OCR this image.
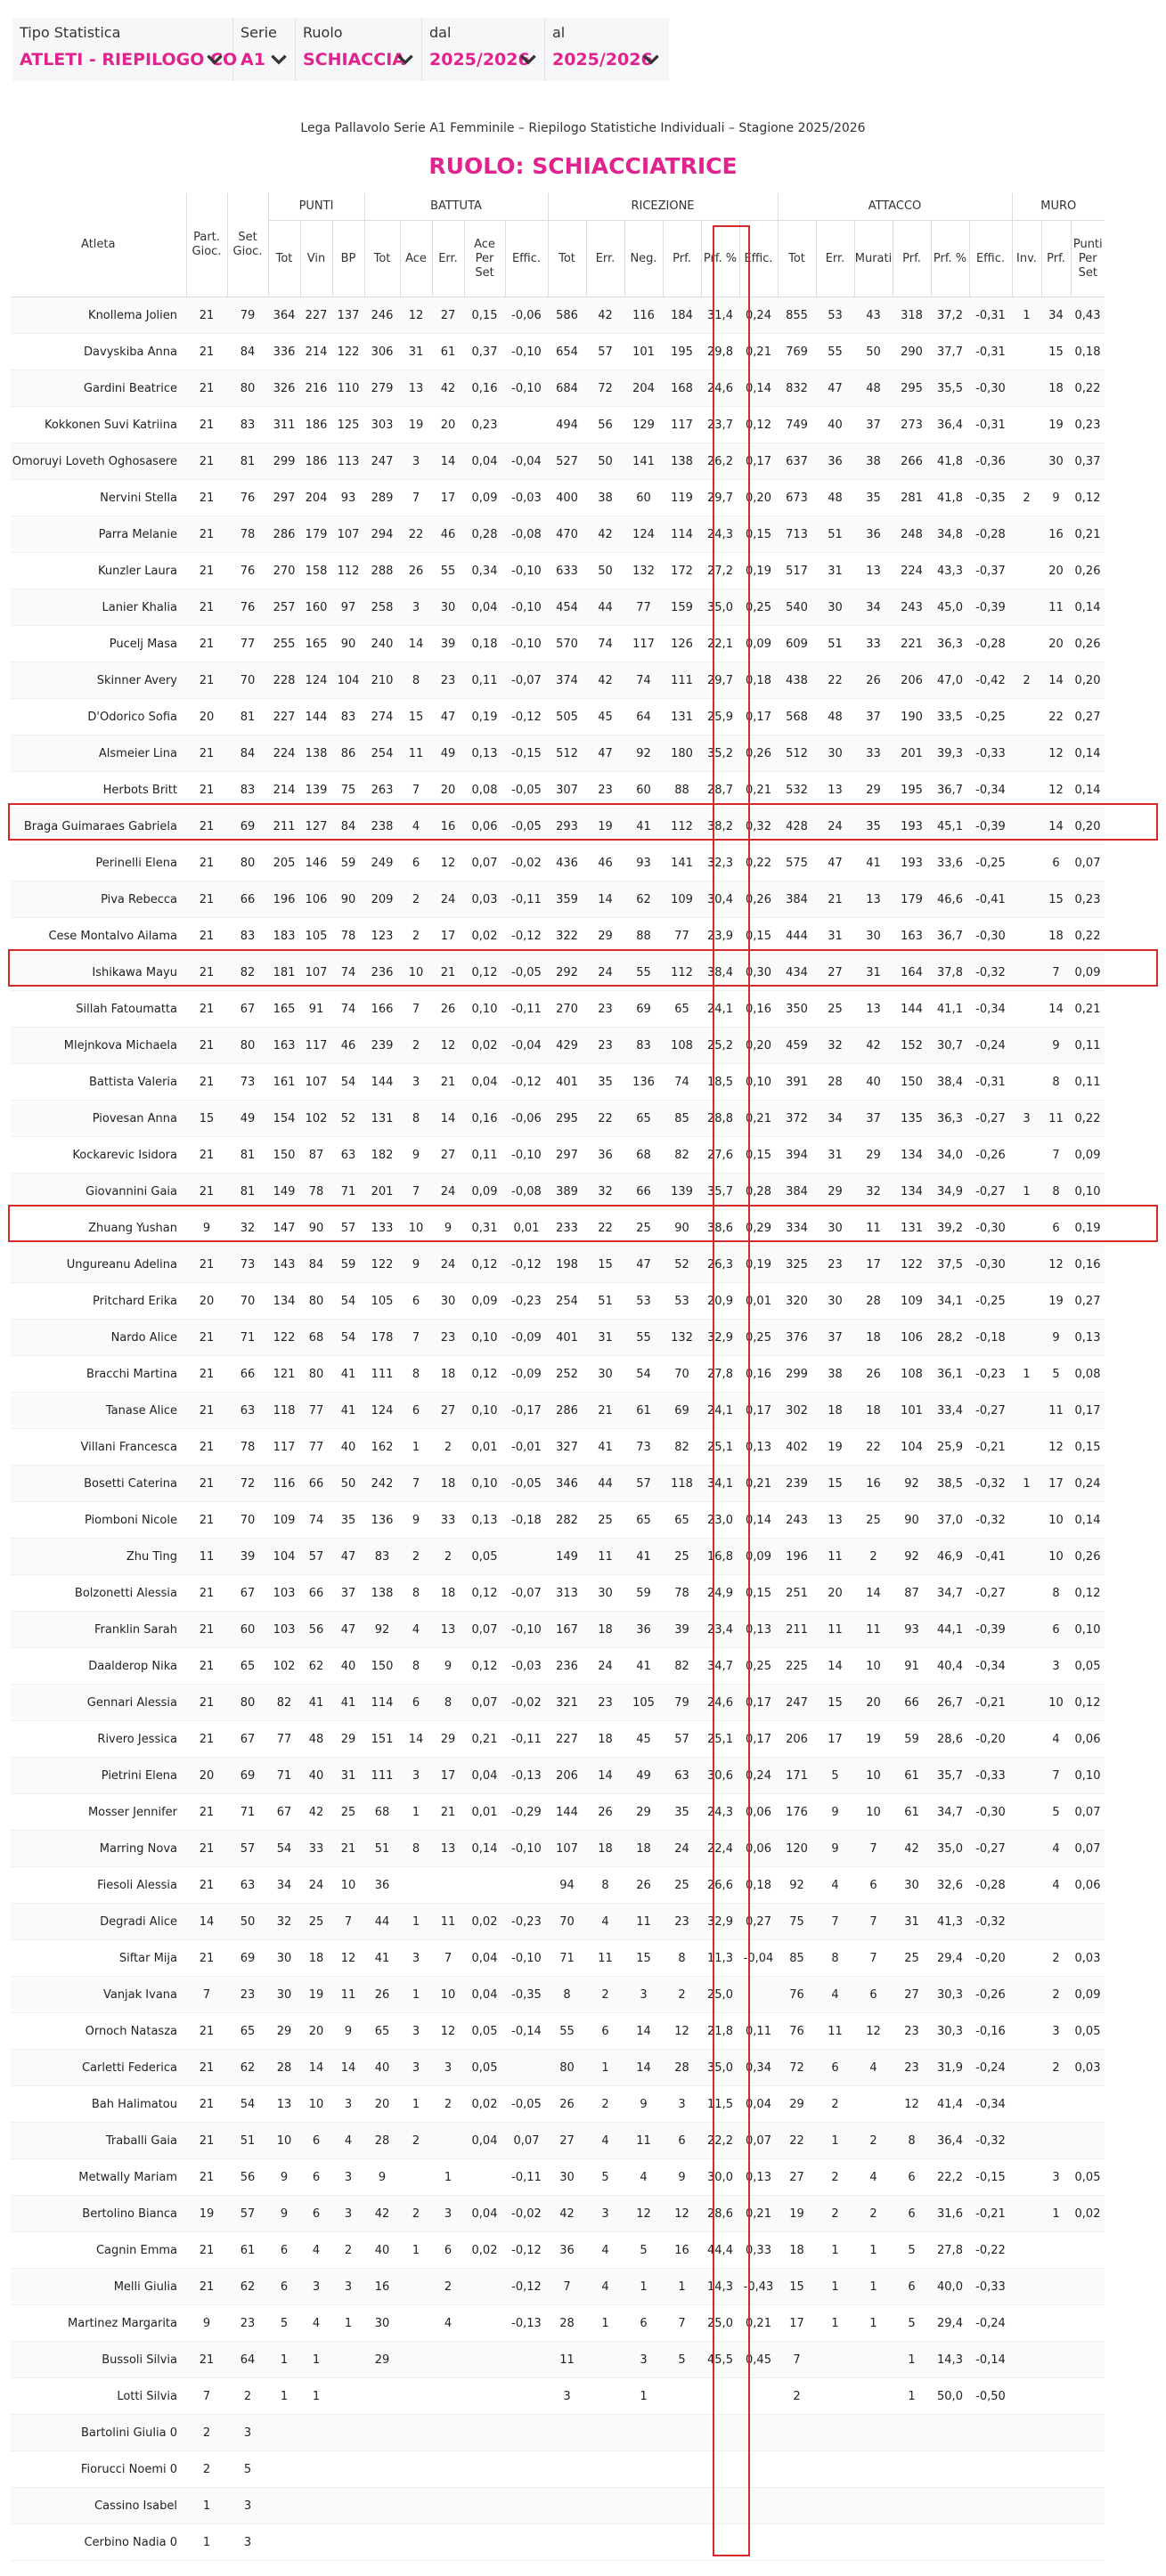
Tipo Statistica
ATLETI - RIEPILOGO CO
Serie
A1
Ruolo
SCHIACCIA
dal
2025/2026
al
2025/2026
Lega Pallavolo Serie A1 Femminile – Riepilogo Statistiche Individuali – Stagione 2025/2026
RUOLO: SCHIACCIATRICE
Atleta	Part. Gioc.	Set Gioc.	PUNTI			BATTUTA					RICEZIONE						ATTACCO						MURO		
			Tot	Vin	BP	Tot	Ace	Err.	Ace Per Set	Effic.	Tot	Err.	Neg.	Prf.	Prf. %	Effic.	Tot	Err.	Murati	Prf.	Prf. %	Effic.	Inv.	Prf.	Punti Per Set
Knollema Jolien	21	79	364	227	137	246	12	27	0,15	-0,06	586	42	116	184	31,4	0,24	855	53	43	318	37,2	-0,31	1	34	0,43
Davyskiba Anna	21	84	336	214	122	306	31	61	0,37	-0,10	654	57	101	195	29,8	0,21	769	55	50	290	37,7	-0,31		15	0,18
Gardini Beatrice	21	80	326	216	110	279	13	42	0,16	-0,10	684	72	204	168	24,6	0,14	832	47	48	295	35,5	-0,30		18	0,22
Kokkonen Suvi Katriina	21	83	311	186	125	303	19	20	0,23		494	56	129	117	23,7	0,12	749	40	37	273	36,4	-0,31		19	0,23
Omoruyi Loveth Oghosasere	21	81	299	186	113	247	3	14	0,04	-0,04	527	50	141	138	26,2	0,17	637	36	38	266	41,8	-0,36		30	0,37
Nervini Stella	21	76	297	204	93	289	7	17	0,09	-0,03	400	38	60	119	29,7	0,20	673	48	35	281	41,8	-0,35	2	9	0,12
Parra Melanie	21	78	286	179	107	294	22	46	0,28	-0,08	470	42	124	114	24,3	0,15	713	51	36	248	34,8	-0,28		16	0,21
Kunzler Laura	21	76	270	158	112	288	26	55	0,34	-0,10	633	50	132	172	27,2	0,19	517	31	13	224	43,3	-0,37		20	0,26
Lanier Khalia	21	76	257	160	97	258	3	30	0,04	-0,10	454	44	77	159	35,0	0,25	540	30	34	243	45,0	-0,39		11	0,14
Pucelj Masa	21	77	255	165	90	240	14	39	0,18	-0,10	570	74	117	126	22,1	0,09	609	51	33	221	36,3	-0,28		20	0,26
Skinner Avery	21	70	228	124	104	210	8	23	0,11	-0,07	374	42	74	111	29,7	0,18	438	22	26	206	47,0	-0,42	2	14	0,20
D'Odorico Sofia	20	81	227	144	83	274	15	47	0,19	-0,12	505	45	64	131	25,9	0,17	568	48	37	190	33,5	-0,25		22	0,27
Alsmeier Lina	21	84	224	138	86	254	11	49	0,13	-0,15	512	47	92	180	35,2	0,26	512	30	33	201	39,3	-0,33		12	0,14
Herbots Britt	21	83	214	139	75	263	7	20	0,08	-0,05	307	23	60	88	28,7	0,21	532	13	29	195	36,7	-0,34		12	0,14
Braga Guimaraes Gabriela	21	69	211	127	84	238	4	16	0,06	-0,05	293	19	41	112	38,2	0,32	428	24	35	193	45,1	-0,39		14	0,20
Perinelli Elena	21	80	205	146	59	249	6	12	0,07	-0,02	436	46	93	141	32,3	0,22	575	47	41	193	33,6	-0,25		6	0,07
Piva Rebecca	21	66	196	106	90	209	2	24	0,03	-0,11	359	14	62	109	30,4	0,26	384	21	13	179	46,6	-0,41		15	0,23
Cese Montalvo Ailama	21	83	183	105	78	123	2	17	0,02	-0,12	322	29	88	77	23,9	0,15	444	31	30	163	36,7	-0,30		18	0,22
Ishikawa Mayu	21	82	181	107	74	236	10	21	0,12	-0,05	292	24	55	112	38,4	0,30	434	27	31	164	37,8	-0,32		7	0,09
Sillah Fatoumatta	21	67	165	91	74	166	7	26	0,10	-0,11	270	23	69	65	24,1	0,16	350	25	13	144	41,1	-0,34		14	0,21
Mlejnkova Michaela	21	80	163	117	46	239	2	12	0,02	-0,04	429	23	83	108	25,2	0,20	459	32	42	152	30,7	-0,24		9	0,11
Battista Valeria	21	73	161	107	54	144	3	21	0,04	-0,12	401	35	136	74	18,5	0,10	391	28	40	150	38,4	-0,31		8	0,11
Piovesan Anna	15	49	154	102	52	131	8	14	0,16	-0,06	295	22	65	85	28,8	0,21	372	34	37	135	36,3	-0,27	3	11	0,22
Kockarevic Isidora	21	81	150	87	63	182	9	27	0,11	-0,10	297	36	68	82	27,6	0,15	394	31	29	134	34,0	-0,26		7	0,09
Giovannini Gaia	21	81	149	78	71	201	7	24	0,09	-0,08	389	32	66	139	35,7	0,28	384	29	32	134	34,9	-0,27	1	8	0,10
Zhuang Yushan	9	32	147	90	57	133	10	9	0,31	0,01	233	22	25	90	38,6	0,29	334	30	11	131	39,2	-0,30		6	0,19
Ungureanu Adelina	21	73	143	84	59	122	9	24	0,12	-0,12	198	15	47	52	26,3	0,19	325	23	17	122	37,5	-0,30		12	0,16
Pritchard Erika	20	70	134	80	54	105	6	30	0,09	-0,23	254	51	53	53	20,9	0,01	320	30	28	109	34,1	-0,25		19	0,27
Nardo Alice	21	71	122	68	54	178	7	23	0,10	-0,09	401	31	55	132	32,9	0,25	376	37	18	106	28,2	-0,18		9	0,13
Bracchi Martina	21	66	121	80	41	111	8	18	0,12	-0,09	252	30	54	70	27,8	0,16	299	38	26	108	36,1	-0,23	1	5	0,08
Tanase Alice	21	63	118	77	41	124	6	27	0,10	-0,17	286	21	61	69	24,1	0,17	302	18	18	101	33,4	-0,27		11	0,17
Villani Francesca	21	78	117	77	40	162	1	2	0,01	-0,01	327	41	73	82	25,1	0,13	402	19	22	104	25,9	-0,21		12	0,15
Bosetti Caterina	21	72	116	66	50	242	7	18	0,10	-0,05	346	44	57	118	34,1	0,21	239	15	16	92	38,5	-0,32	1	17	0,24
Piomboni Nicole	21	70	109	74	35	136	9	33	0,13	-0,18	282	25	65	65	23,0	0,14	243	13	25	90	37,0	-0,32		10	0,14
Zhu Ting	11	39	104	57	47	83	2	2	0,05		149	11	41	25	16,8	0,09	196	11	2	92	46,9	-0,41		10	0,26
Bolzonetti Alessia	21	67	103	66	37	138	8	18	0,12	-0,07	313	30	59	78	24,9	0,15	251	20	14	87	34,7	-0,27		8	0,12
Franklin Sarah	21	60	103	56	47	92	4	13	0,07	-0,10	167	18	36	39	23,4	0,13	211	11	11	93	44,1	-0,39		6	0,10
Daalderop Nika	21	65	102	62	40	150	8	9	0,12	-0,03	236	24	41	82	34,7	0,25	225	14	10	91	40,4	-0,34		3	0,05
Gennari Alessia	21	80	82	41	41	114	6	8	0,07	-0,02	321	23	105	79	24,6	0,17	247	15	20	66	26,7	-0,21		10	0,12
Rivero Jessica	21	67	77	48	29	151	14	29	0,21	-0,11	227	18	45	57	25,1	0,17	206	17	19	59	28,6	-0,20		4	0,06
Pietrini Elena	20	69	71	40	31	111	3	17	0,04	-0,13	206	14	49	63	30,6	0,24	171	5	10	61	35,7	-0,33		7	0,10
Mosser Jennifer	21	71	67	42	25	68	1	21	0,01	-0,29	144	26	29	35	24,3	0,06	176	9	10	61	34,7	-0,30		5	0,07
Marring Nova	21	57	54	33	21	51	8	13	0,14	-0,10	107	18	18	24	22,4	0,06	120	9	7	42	35,0	-0,27		4	0,07
Fiesoli Alessia	21	63	34	24	10	36					94	8	26	25	26,6	0,18	92	4	6	30	32,6	-0,28		4	0,06
Degradi Alice	14	50	32	25	7	44	1	11	0,02	-0,23	70	4	11	23	32,9	0,27	75	7	7	31	41,3	-0,32			
Siftar Mija	21	69	30	18	12	41	3	7	0,04	-0,10	71	11	15	8	11,3	-0,04	85	8	7	25	29,4	-0,20		2	0,03
Vanjak Ivana	7	23	30	19	11	26	1	10	0,04	-0,35	8	2	3	2	25,0		76	4	6	27	30,3	-0,26		2	0,09
Ornoch Natasza	21	65	29	20	9	65	3	12	0,05	-0,14	55	6	14	12	21,8	0,11	76	11	12	23	30,3	-0,16		3	0,05
Carletti Federica	21	62	28	14	14	40	3	3	0,05		80	1	14	28	35,0	0,34	72	6	4	23	31,9	-0,24		2	0,03
Bah Halimatou	21	54	13	10	3	20	1	2	0,02	-0,05	26	2	9	3	11,5	0,04	29	2		12	41,4	-0,34			
Traballi Gaia	21	51	10	6	4	28	2		0,04	0,07	27	4	11	6	22,2	0,07	22	1	2	8	36,4	-0,32			
Metwally Mariam	21	56	9	6	3	9		1		-0,11	30	5	4	9	30,0	0,13	27	2	4	6	22,2	-0,15		3	0,05
Bertolino Bianca	19	57	9	6	3	42	2	3	0,04	-0,02	42	3	12	12	28,6	0,21	19	2	2	6	31,6	-0,21		1	0,02
Cagnin Emma	21	61	6	4	2	40	1	6	0,02	-0,12	36	4	5	16	44,4	0,33	18	1	1	5	27,8	-0,22			
Melli Giulia	21	62	6	3	3	16		2		-0,12	7	4	1	1	14,3	-0,43	15	1	1	6	40,0	-0,33			
Martinez Margarita	9	23	5	4	1	30		4		-0,13	28	1	6	7	25,0	0,21	17	1	1	5	29,4	-0,24			
Bussoli Silvia	21	64	1	1		29					11		3	5	45,5	0,45	7			1	14,3	-0,14			
Lotti Silvia	7	2	1	1							3		1				2			1	50,0	-0,50			
Bartolini Giulia 0	2	3																							
Fiorucci Noemi 0	2	5																							
Cassino Isabel	1	3																							
Cerbino Nadia 0	1	3																							
